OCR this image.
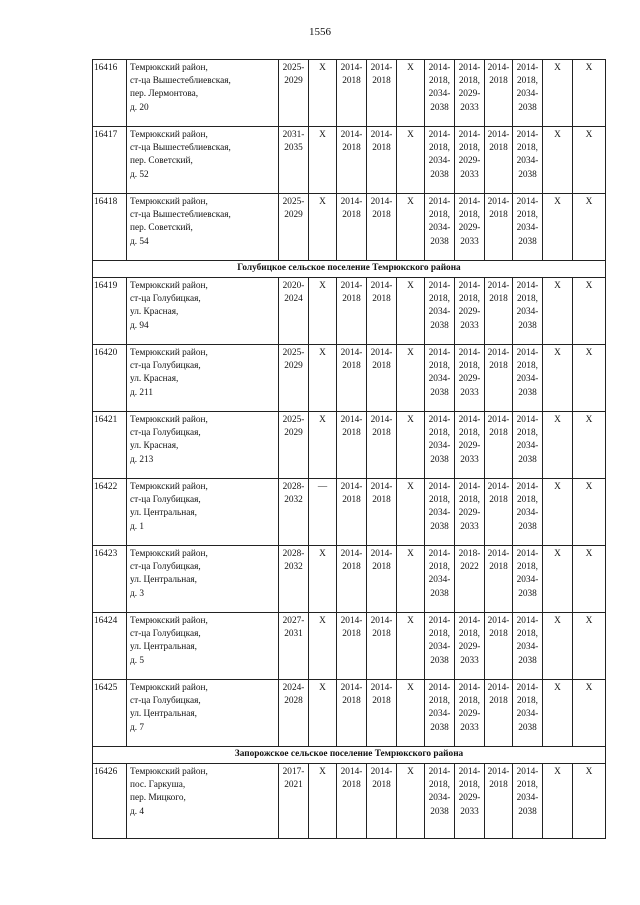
1556
16416	Темрюкский район,
ст-ца Вышестеблиевская,
пер. Лермонтова,
д. 20	2025-
2029	X	2014-
2018	2014-
2018	X	2014-
2018,
2034-
2038	2014-
2018,
2029-
2033	2014-
2018	2014-
2018,
2034-
2038	X	X
16417	Темрюкский район,
ст-ца Вышестеблиевская,
пер. Советский,
д. 52	2031-
2035	X	2014-
2018	2014-
2018	X	2014-
2018,
2034-
2038	2014-
2018,
2029-
2033	2014-
2018	2014-
2018,
2034-
2038	X	X
16418	Темрюкский район,
ст-ца Вышестеблиевская,
пер. Советский,
д. 54	2025-
2029	X	2014-
2018	2014-
2018	X	2014-
2018,
2034-
2038	2014-
2018,
2029-
2033	2014-
2018	2014-
2018,
2034-
2038	X	X
Голубицкое сельское поселение Темрюкского района												
16419	Темрюкский район,
ст-ца Голубицкая,
ул. Красная,
д. 94	2020-
2024	X	2014-
2018	2014-
2018	X	2014-
2018,
2034-
2038	2014-
2018,
2029-
2033	2014-
2018	2014-
2018,
2034-
2038	X	X
16420	Темрюкский район,
ст-ца Голубицкая,
ул. Красная,
д. 211	2025-
2029	X	2014-
2018	2014-
2018	X	2014-
2018,
2034-
2038	2014-
2018,
2029-
2033	2014-
2018	2014-
2018,
2034-
2038	X	X
16421	Темрюкский район,
ст-ца Голубицкая,
ул. Красная,
д. 213	2025-
2029	X	2014-
2018	2014-
2018	X	2014-
2018,
2034-
2038	2014-
2018,
2029-
2033	2014-
2018	2014-
2018,
2034-
2038	X	X
16422	Темрюкский район,
ст-ца Голубицкая,
ул. Центральная,
д. 1	2028-
2032	—	2014-
2018	2014-
2018	X	2014-
2018,
2034-
2038	2014-
2018,
2029-
2033	2014-
2018	2014-
2018,
2034-
2038	X	X
16423	Темрюкский район,
ст-ца Голубицкая,
ул. Центральная,
д. 3	2028-
2032	X	2014-
2018	2014-
2018	X	2014-
2018,
2034-
2038	2018-
2022	2014-
2018	2014-
2018,
2034-
2038	X	X
16424	Темрюкский район,
ст-ца Голубицкая,
ул. Центральная,
д. 5	2027-
2031	X	2014-
2018	2014-
2018	X	2014-
2018,
2034-
2038	2014-
2018,
2029-
2033	2014-
2018	2014-
2018,
2034-
2038	X	X
16425	Темрюкский район,
ст-ца Голубицкая,
ул. Центральная,
д. 7	2024-
2028	X	2014-
2018	2014-
2018	X	2014-
2018,
2034-
2038	2014-
2018,
2029-
2033	2014-
2018	2014-
2018,
2034-
2038	X	X
Запорожское сельское поселение Темрюкского района												
16426	Темрюкский район,
пос. Гаркуша,
пер. Мицкого,
д. 4	2017-
2021	X	2014-
2018	2014-
2018	X	2014-
2018,
2034-
2038	2014-
2018,
2029-
2033	2014-
2018	2014-
2018,
2034-
2038	X	X
